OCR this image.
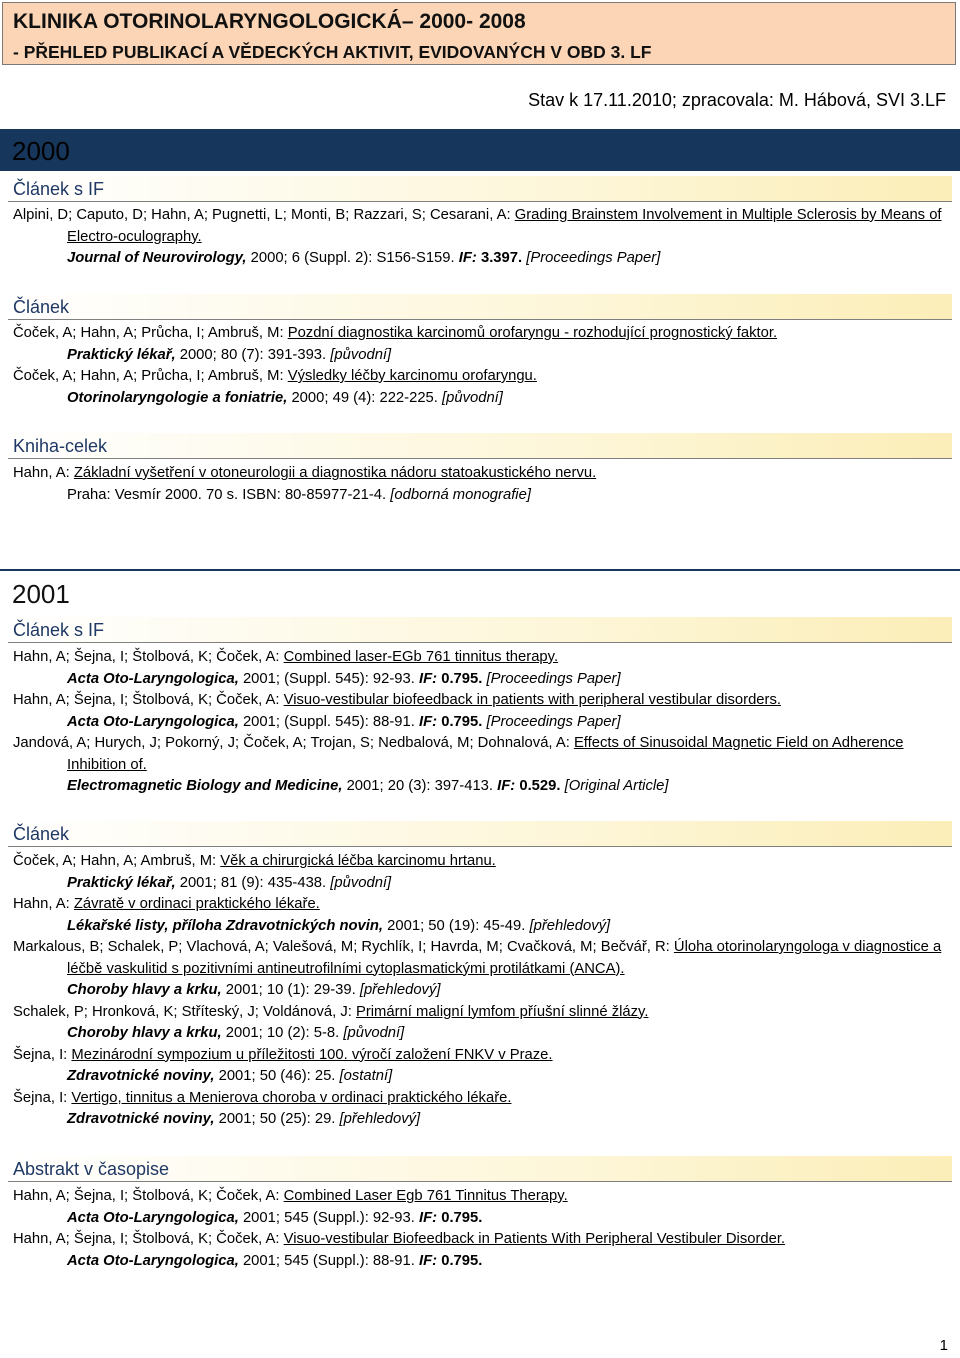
KLINIKA OTORINOLARYNGOLOGICKÁ– 2000- 2008
- PŘEHLED PUBLIKACÍ A VĚDECKÝCH AKTIVIT, EVIDOVANÝCH V OBD 3. LF
Stav k 17.11.2010; zpracovala: M. Hábová, SVI 3.LF
2000
Článek s IF

Alpini, D; Caputo, D; Hahn, A; Pugnetti, L; Monti, B; Razzari, S; Cesarani, A: Grading Brainstem Involvement in Multiple Sclerosis by Means of Electro-oculography.

Journal of Neurovirology, 2000; 6 (Suppl. 2): S156-S159. IF: 3.397. [Proceedings Paper]

Článek

Čoček, A; Hahn, A; Průcha, I; Ambruš, M: Pozdní diagnostika karcinomů orofaryngu - rozhodující prognostický faktor.

Praktický lékař, 2000; 80 (7): 391-393. [původní]

Čoček, A; Hahn, A; Průcha, I; Ambruš, M: Výsledky léčby karcinomu orofaryngu.

Otorinolaryngologie a foniatrie, 2000; 49 (4): 222-225. [původní]

Kniha-celek

Hahn, A: Základní vyšetření v otoneurologii a diagnostika nádoru statoakustického nervu.

Praha: Vesmír 2000. 70 s. ISBN: 80-85977-21-4. [odborná monografie]

2001
Článek s IF

Hahn, A; Šejna, I; Štolbová, K; Čoček, A: Combined laser-EGb 761 tinnitus therapy.

Acta Oto-Laryngologica, 2001; (Suppl. 545): 92-93. IF: 0.795. [Proceedings Paper]

Hahn, A; Šejna, I; Štolbová, K; Čoček, A: Visuo-vestibular biofeedback in patients with peripheral vestibular disorders.

Acta Oto-Laryngologica, 2001; (Suppl. 545): 88-91. IF: 0.795. [Proceedings Paper]

Jandová, A; Hurych, J; Pokorný, J; Čoček, A; Trojan, S; Nedbalová, M; Dohnalová, A: Effects of Sinusoidal Magnetic Field on Adherence Inhibition of.

Electromagnetic Biology and Medicine, 2001; 20 (3): 397-413. IF: 0.529. [Original Article]

Článek

Čoček, A; Hahn, A; Ambruš, M: Věk a chirurgická léčba karcinomu hrtanu.

Praktický lékař, 2001; 81 (9): 435-438. [původní]

Hahn, A: Závratě v ordinaci praktického lékaře.

Lékařské listy, příloha Zdravotnických novin, 2001; 50 (19): 45-49. [přehledový]

Markalous, B; Schalek, P; Vlachová, A; Valešová, M; Rychlík, I; Havrda, M; Cvačková, M; Bečvář, R: Úloha otorinolaryngologa v diagnostice a léčbě vaskulitid s pozitivními antineutrofilními cytoplasmatickými protilátkami (ANCA).

Choroby hlavy a krku, 2001; 10 (1): 29-39. [přehledový]

Schalek, P; Hronková, K; Stříteský, J; Voldánová, J: Primární maligní lymfom příušní slinné žlázy.

Choroby hlavy a krku, 2001; 10 (2): 5-8. [původní]

Šejna, I: Mezinárodní sympozium u příležitosti 100. výročí založení FNKV v Praze.

Zdravotnické noviny, 2001; 50 (46): 25. [ostatní]

Šejna, I: Vertigo, tinnitus a Menierova choroba v ordinaci praktického lékaře.

Zdravotnické noviny, 2001; 50 (25): 29. [přehledový]

Abstrakt v časopise

Hahn, A; Šejna, I; Štolbová, K; Čoček, A: Combined Laser Egb 761 Tinnitus Therapy.

Acta Oto-Laryngologica, 2001; 545 (Suppl.): 92-93. IF: 0.795.

Hahn, A; Šejna, I; Štolbová, K; Čoček, A: Visuo-vestibular Biofeedback in Patients With Peripheral Vestibuler Disorder.

Acta Oto-Laryngologica, 2001; 545 (Suppl.): 88-91. IF: 0.795.

1
